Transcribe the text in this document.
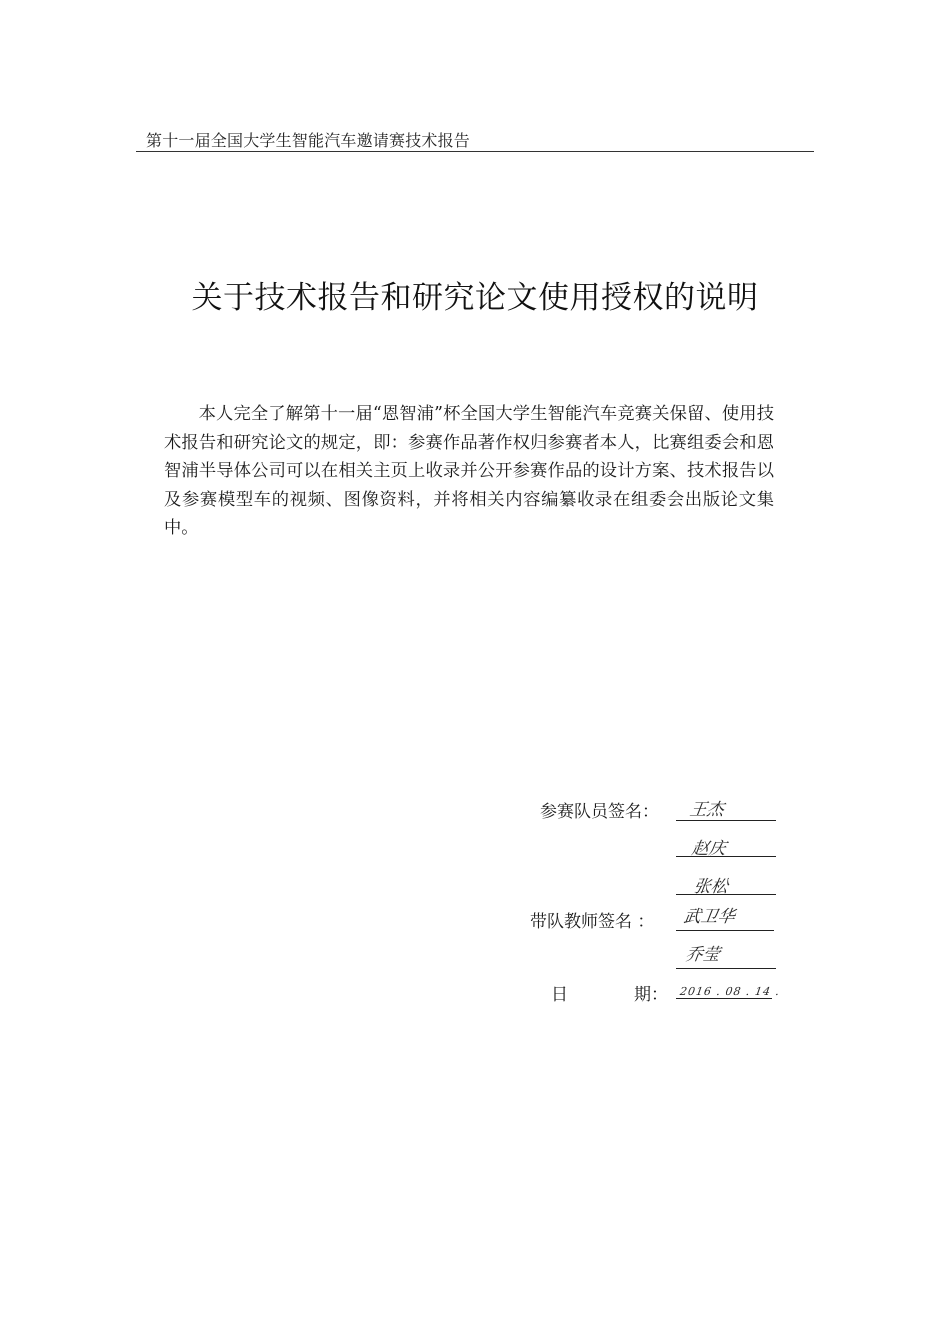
第十一届全国大学生智能汽车邀请赛技术报告
关于技术报告和研究论文使用授权的说明
本人完全了解第十一届“恩智浦”杯全国大学生智能汽车竞赛关保留、使用技术报告和研究论文的规定，即：参赛作品著作权归参赛者本人，比赛组委会和恩智浦半导体公司可以在相关主页上收录并公开参赛作品的设计方案、技术报告以及参赛模型车的视频、图像资料，并将相关内容编纂收录在组委会出版论文集中。
参赛队员签名： 王杰
赵庆
张松
带队教师签名 ： 武卫华
乔莹
日	期： 2016 . 08 . 14 .
